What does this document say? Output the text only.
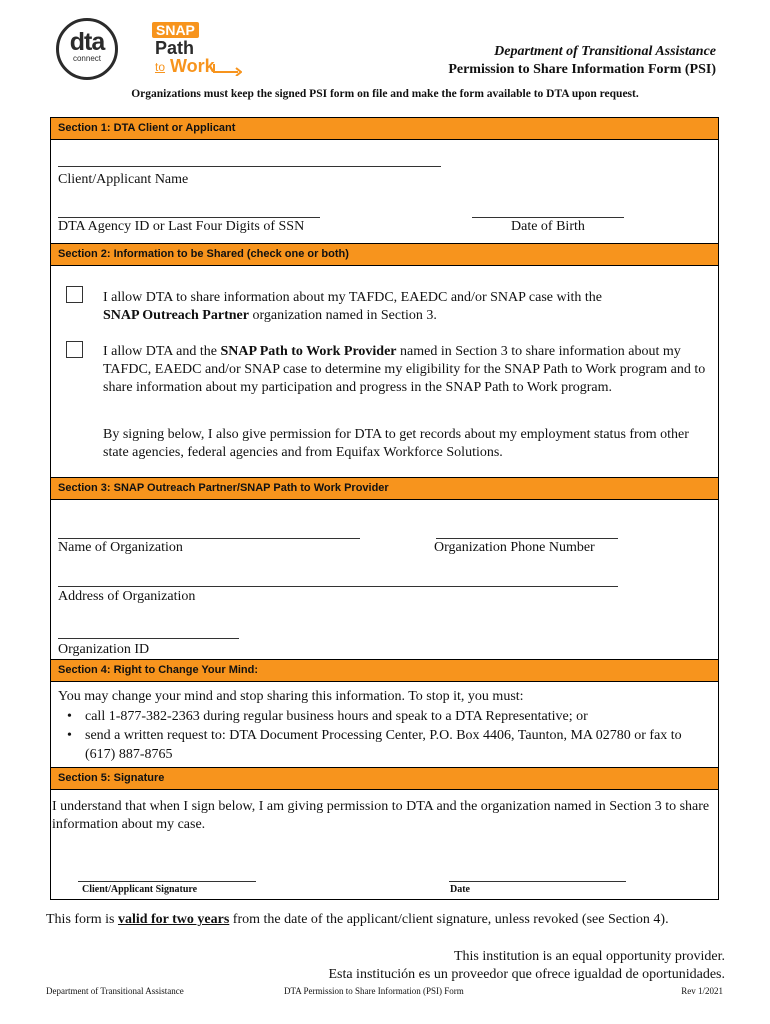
dta
connect
SNAP
Path
to Work
Department of Transitional Assistance
Permission to Share Information Form (PSI)
Organizations must keep the signed PSI form on file and make the form available to DTA upon request.
Section 1: DTA Client or Applicant
Client/Applicant Name
DTA Agency ID or Last Four Digits of SSN	Date of Birth
Section 2: Information to be Shared (check one or both)
I allow DTA to share information about my TAFDC, EAEDC and/or SNAP case with the
SNAP Outreach Partner organization named in Section 3.
I allow DTA and the SNAP Path to Work Provider named in Section 3 to share information about my TAFDC, EAEDC and/or SNAP case to determine my eligibility for the SNAP Path to Work program and to share information about my participation and progress in the SNAP Path to Work program.
By signing below, I also give permission for DTA to get records about my employment status from other state agencies, federal agencies and from Equifax Workforce Solutions.
Section 3: SNAP Outreach Partner/SNAP Path to Work Provider
Name of Organization	Organization Phone Number
Address of Organization
Organization ID
Section 4: Right to Change Your Mind:
You may change your mind and stop sharing this information. To stop it, you must:
• call 1-877-382-2363 during regular business hours and speak to a DTA Representative; or
• send a written request to: DTA Document Processing Center, P.O. Box 4406, Taunton, MA 02780 or fax to (617) 887-8765
Section 5: Signature
I understand that when I sign below, I am giving permission to DTA and the organization named in Section 3 to share information about my case.
Client/Applicant Signature	Date
This form is valid for two years from the date of the applicant/client signature, unless revoked (see Section 4).
This institution is an equal opportunity provider.
Esta institución es un proveedor que ofrece igualdad de oportunidades.
Department of Transitional Assistance	DTA Permission to Share Information (PSI) Form	Rev 1/2021
